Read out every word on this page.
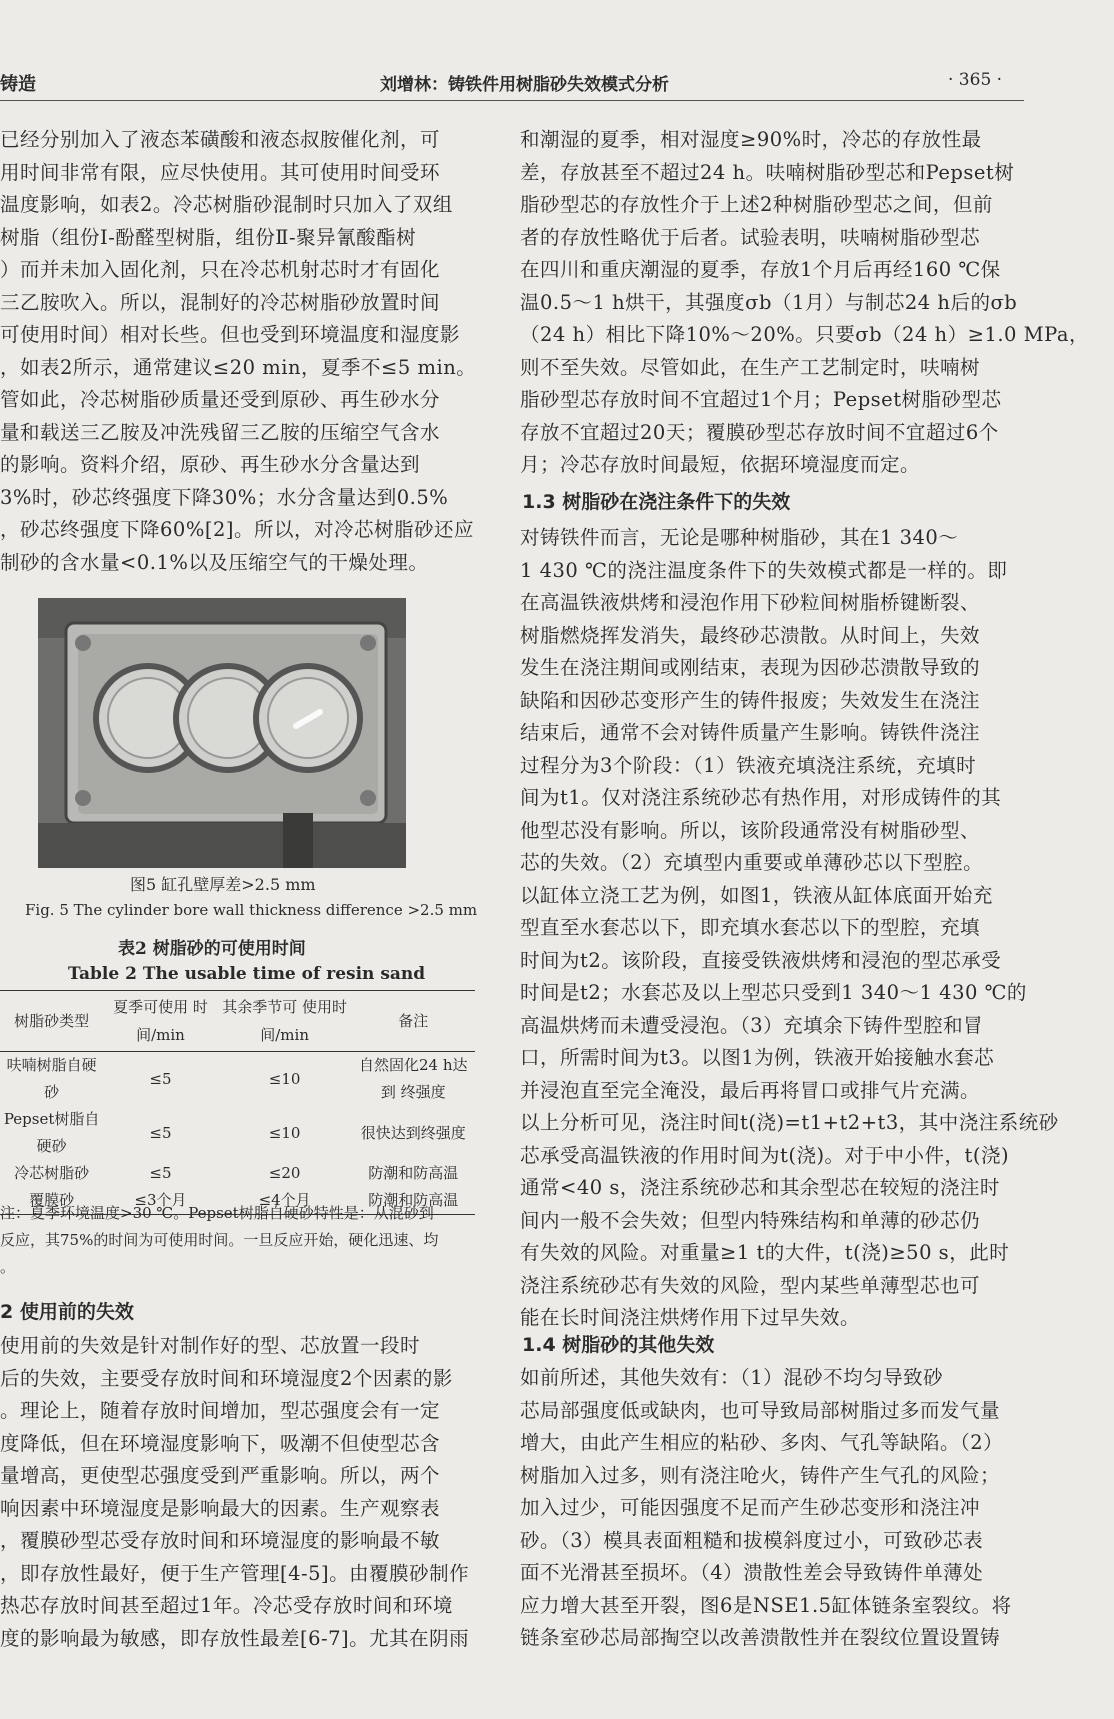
铸造	刘增林：铸铁件用树脂砂失效模式分析	· 365 ·

已经分别加入了液态苯磺酸和液态叔胺催化剂，可

用时间非常有限，应尽快使用。其可使用时间受环

温度影响，如表2。冷芯树脂砂混制时只加入了双组

树脂（组份Ⅰ-酚醛型树脂，组份Ⅱ-聚异氰酸酯树

）而并未加入固化剂，只在冷芯机射芯时才有固化

三乙胺吹入。所以，混制好的冷芯树脂砂放置时间

可使用时间）相对长些。但也受到环境温度和湿度影

，如表2所示，通常建议≤20 min，夏季不≤5 min。

管如此，冷芯树脂砂质量还受到原砂、再生砂水分

量和载送三乙胺及冲洗残留三乙胺的压缩空气含水

的影响。资料介绍，原砂、再生砂水分含量达到

3%时，砂芯终强度下降30%；水分含量达到0.5%

，砂芯终强度下降60%[2]。所以，对冷芯树脂砂还应

制砂的含水量<0.1%以及压缩空气的干燥处理。

图5 缸孔壁厚差>2.5 mm
Fig. 5 The cylinder bore wall thickness difference >2.5 mm
表2 树脂砂的可使用时间
Table 2 The usable time of resin sand
树脂砂类型	夏季可使用 时间/min	其余季节可 使用时间/min	备注
呋喃树脂自硬砂	≤5	≤10	自然固化24 h达到 终强度
Pepset树脂自硬砂	≤5	≤10	很快达到终强度
冷芯树脂砂	≤5	≤20	防潮和防高温
覆膜砂	≤3个月	≤4个月	防潮和防高温

注：夏季环境温度>30 ℃。Pepset树脂自硬砂特性是：从混砂到

反应，其75%的时间为可使用时间。一旦反应开始，硬化迅速、均

。

2 使用前的失效

使用前的失效是针对制作好的型、芯放置一段时

后的失效，主要受存放时间和环境湿度2个因素的影

。理论上，随着存放时间增加，型芯强度会有一定

度降低，但在环境湿度影响下，吸潮不但使型芯含

量增高，更使型芯强度受到严重影响。所以，两个

响因素中环境湿度是影响最大的因素。生产观察表

，覆膜砂型芯受存放时间和环境湿度的影响最不敏

，即存放性最好，便于生产管理[4-5]。由覆膜砂制作

热芯存放时间甚至超过1年。冷芯受存放时间和环境

度的影响最为敏感，即存放性最差[6-7]。尤其在阴雨

和潮湿的夏季，相对湿度≥90%时，冷芯的存放性最

差，存放甚至不超过24 h。呋喃树脂砂型芯和Pepset树

脂砂型芯的存放性介于上述2种树脂砂型芯之间，但前

者的存放性略优于后者。试验表明，呋喃树脂砂型芯

在四川和重庆潮湿的夏季，存放1个月后再经160 ℃保

温0.5～1 h烘干，其强度σb（1月）与制芯24 h后的σb

（24 h）相比下降10%～20%。只要σb（24 h）≥1.0 MPa，

则不至失效。尽管如此，在生产工艺制定时，呋喃树

脂砂型芯存放时间不宜超过1个月；Pepset树脂砂型芯

存放不宜超过20天；覆膜砂型芯存放时间不宜超过6个

月；冷芯存放时间最短，依据环境湿度而定。

1.3 树脂砂在浇注条件下的失效

对铸铁件而言，无论是哪种树脂砂，其在1 340～

1 430 ℃的浇注温度条件下的失效模式都是一样的。即

在高温铁液烘烤和浸泡作用下砂粒间树脂桥键断裂、

树脂燃烧挥发消失，最终砂芯溃散。从时间上，失效

发生在浇注期间或刚结束，表现为因砂芯溃散导致的

缺陷和因砂芯变形产生的铸件报废；失效发生在浇注

结束后，通常不会对铸件质量产生影响。铸铁件浇注

过程分为3个阶段：（1）铁液充填浇注系统，充填时

间为t1。仅对浇注系统砂芯有热作用，对形成铸件的其

他型芯没有影响。所以，该阶段通常没有树脂砂型、

芯的失效。（2）充填型内重要或单薄砂芯以下型腔。

以缸体立浇工艺为例，如图1，铁液从缸体底面开始充

型直至水套芯以下，即充填水套芯以下的型腔，充填

时间为t2。该阶段，直接受铁液烘烤和浸泡的型芯承受

时间是t2；水套芯及以上型芯只受到1 340～1 430 ℃的

高温烘烤而未遭受浸泡。（3）充填余下铸件型腔和冒

口，所需时间为t3。以图1为例，铁液开始接触水套芯

并浸泡直至完全淹没，最后再将冒口或排气片充满。

以上分析可见，浇注时间t(浇)=t1+t2+t3，其中浇注系统砂

芯承受高温铁液的作用时间为t(浇)。对于中小件，t(浇)

通常<40 s，浇注系统砂芯和其余型芯在较短的浇注时

间内一般不会失效；但型内特殊结构和单薄的砂芯仍

有失效的风险。对重量≥1 t的大件，t(浇)≥50 s，此时

浇注系统砂芯有失效的风险，型内某些单薄型芯也可

能在长时间浇注烘烤作用下过早失效。

1.4 树脂砂的其他失效

如前所述，其他失效有：（1）混砂不均匀导致砂

芯局部强度低或缺肉，也可导致局部树脂过多而发气量

增大，由此产生相应的粘砂、多肉、气孔等缺陷。（2）

树脂加入过多，则有浇注呛火，铸件产生气孔的风险；

加入过少，可能因强度不足而产生砂芯变形和浇注冲

砂。（3）模具表面粗糙和拔模斜度过小，可致砂芯表

面不光滑甚至损坏。（4）溃散性差会导致铸件单薄处

应力增大甚至开裂，图6是NSE1.5缸体链条室裂纹。将

链条室砂芯局部掏空以改善溃散性并在裂纹位置设置铸
